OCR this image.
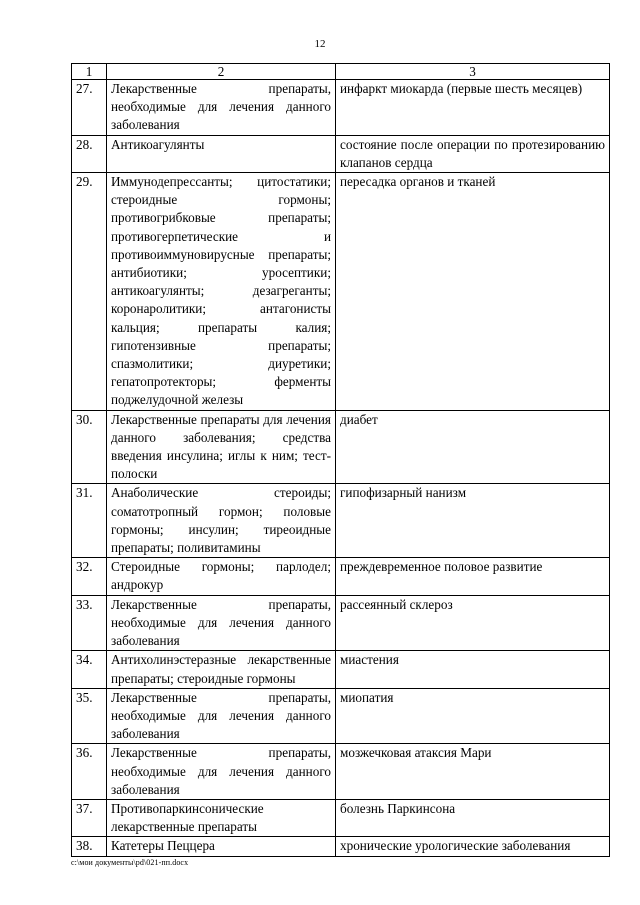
12
1	2	3
27.	Лекарственные препараты, необходимые для лечения данного заболевания	инфаркт миокарда (первые шесть месяцев)
28.	Антикоагулянты	состояние после операции по протезированию клапанов сердца
29.	Иммунодепрессанты; цитостатики; стероидные гормоны; противогрибковые препараты; противогерпетические и противоиммуновирусные препараты; антибиотики; уросептики; антикоагулянты; дезагреганты; коронаролитики; антагонисты кальция; препараты калия; гипотензивные препараты; спазмолитики; диуретики; гепатопротекторы; ферменты поджелудочной железы	пересадка органов и тканей
30.	Лекарственные препараты для лечения данного заболевания; средства введения инсулина; иглы к ним; тест-полоски	диабет
31.	Анаболические стероиды; соматотропный гормон; половые гормоны; инсулин; тиреоидные препараты; поливитамины	гипофизарный нанизм
32.	Стероидные гормоны; парлодел; андрокур	преждевременное половое развитие
33.	Лекарственные препараты, необходимые для лечения данного заболевания	рассеянный склероз
34.	Антихолинэстеразные лекарственные препараты; стероидные гормоны	миастения
35.	Лекарственные препараты, необходимые для лечения данного заболевания	миопатия
36.	Лекарственные препараты, необходимые для лечения данного заболевания	мозжечковая атаксия Мари
37.	Противопаркинсонические лекарственные препараты	болезнь Паркинсона
38.	Катетеры Пеццера	хронические урологические заболевания
c:\мои документы\pd\021-пп.docx
